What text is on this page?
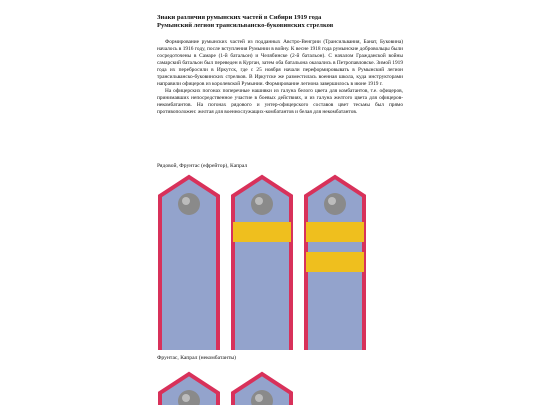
Знаки различия румынских частей в Сибири 1919 года
Румынский легион трансильванско-буковинских стрелков

Формирование румынских частей из подданных Австро-Венгрии (Трансильвания, Банат, Буковина) началось в 1916 году, после вступления Румынии в войну. К весне 1918 года румынские добровольцы были сосредоточены в Самаре (1-й батальон) и Челябинске (2-й батальон). С началом Гражданской войны самарский батальон был переведен в Курган, затем оба батальона оказались в Петропавловске. Зимой 1919 года их перебросили в Иркутск, где с 25 ноября начали переформировывать в Румынский легион трансильванско-буковинских стрелков. В Иркутске же разместилась военная школа, куда инструкторами направили офицеров из королевской Румынии. Формирование легиона завершилось в июне 1919 г.

На офицерских погонах поперечные нашивки из галуна белого цвета для комбатантов, т.е. офицеров, принимавших непосредственное участие в боевых действиях, и из галуна желтого цвета для офицеров-некомбатантов. На погонах рядового и унтер-офицерского составов цвет тесьмы был прямо противоположен: желтая для военнослужащих-комбатантов и белая для некомбатантов.

Рядовой, Фрунтас (ефрейтор), Капрал
Фрунтаc, Капрал (некомбатанты)
